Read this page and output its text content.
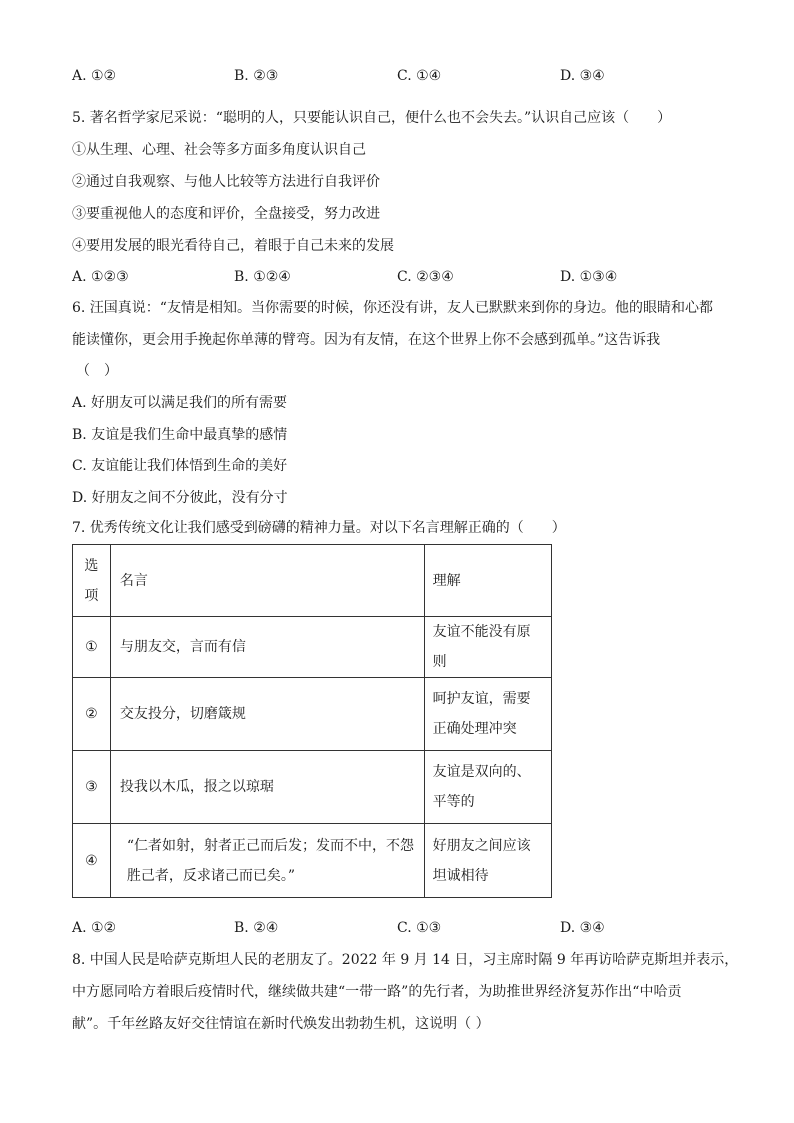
A. ①②	B. ②③	C. ①④	D. ③④
5. 著名哲学家尼采说：“聪明的人，只要能认识自己，便什么也不会失去。”认识自己应该（　　）
①从生理、心理、社会等多方面多角度认识自己
②通过自我观察、与他人比较等方法进行自我评价
③要重视他人的态度和评价，全盘接受，努力改进
④要用发展的眼光看待自己，着眼于自己未来的发展
A. ①②③	B. ①②④	C. ②③④	D. ①③④
6. 汪国真说：“友情是相知。当你需要的时候，你还没有讲，友人已默默来到你的身边。他的眼睛和心都
能读懂你，更会用手挽起你单薄的臂弯。因为有友情，在这个世界上你不会感到孤单。”这告诉我
（　）
A. 好朋友可以满足我们的所有需要
B. 友谊是我们生命中最真挚的感情
C. 友谊能让我们体悟到生命的美好
D. 好朋友之间不分彼此，没有分寸
7. 优秀传统文化让我们感受到磅礴的精神力量。对以下名言理解正确的（　　）
选项	名言	理解
①	与朋友交，言而有信	友谊不能没有原则
②	交友投分，切磨箴规	呵护友谊，需要正确处理冲突
③	投我以木瓜，报之以琼琚	友谊是双向的、平等的
④	“仁者如射，射者正己而后发；发而不中，不怨胜己者，反求诸己而已矣。”	好朋友之间应该坦诚相待
A. ①②	B. ②④	C. ①③	D. ③④
8. 中国人民是哈萨克斯坦人民的老朋友了。2022 年 9 月 14 日，习主席时隔 9 年再访哈萨克斯坦并表示，
中方愿同哈方着眼后疫情时代，继续做共建“一带一路”的先行者，为助推世界经济复苏作出“中哈贡
献”。千年丝路友好交往情谊在新时代焕发出勃勃生机，这说明（ ）
